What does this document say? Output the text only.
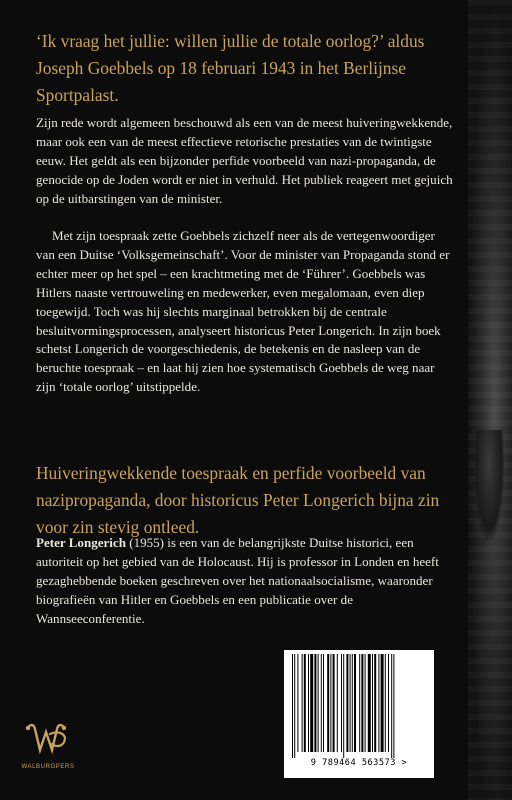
‘Ik vraag het jullie: willen jullie de totale oorlog?’ aldus Joseph Goebbels op 18 februari 1943 in het Berlijnse Sportpalast.

Zijn rede wordt algemeen beschouwd als een van de meest huiveringwekkende, maar ook een van de meest effectieve retorische prestaties van de twintigste eeuw. Het geldt als een bijzonder perfide voorbeeld van nazi-propaganda, de genocide op de Joden wordt er niet in verhuld. Het publiek reageert met gejuich op de uitbarstingen van de minister.

Met zijn toespraak zette Goebbels zichzelf neer als de vertegenwoordiger van een Duitse ‘Volksgemeinschaft’. Voor de minister van Propaganda stond er echter meer op het spel – een krachtmeting met de ‘Führer’. Goebbels was Hitlers naaste vertrouweling en medewerker, even megalomaan, even diep toegewijd. Toch was hij slechts marginaal betrokken bij de centrale besluitvormingsprocessen, analyseert historicus Peter Longerich. In zijn boek schetst Longerich de voorgeschiedenis, de betekenis en de nasleep van de beruchte toespraak – en laat hij zien hoe systematisch Goebbels de weg naar zijn ‘totale oorlog’ uitstippelde.

Huiveringwekkende toespraak en perfide voorbeeld van nazipropaganda, door historicus Peter Longerich bijna zin voor zin stevig ontleed.

Peter Longerich (1955) is een van de belangrijkste Duitse historici, een autoriteit op het gebied van de Holocaust. Hij is professor in Londen en heeft gezaghebbende boeken geschreven over het nationaalsocialisme, waaronder biografieën van Hitler en Goebbels en een publicatie over de Wannseeconferentie.

WALBURGPERS	9 789464 563573 >
